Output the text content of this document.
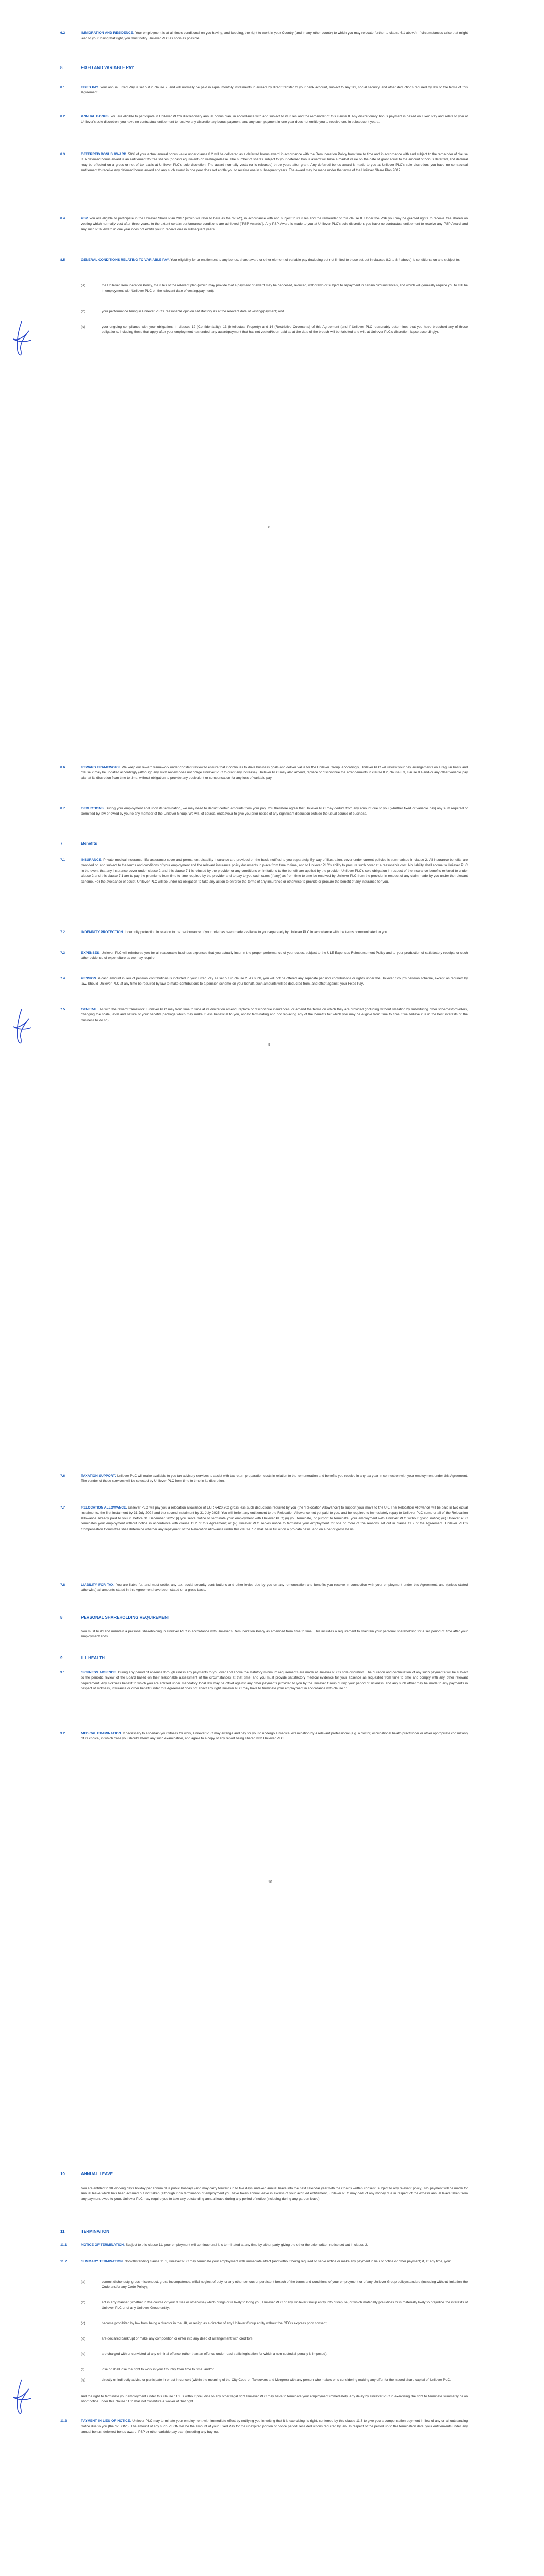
6.2	IMMIGRATION AND RESIDENCE. Your employment is at all times conditional on you having, and keeping, the right to work in your Country (and in any other country to which you may relocate further to clause 6.1 above). If circumstances arise that might lead to your losing that right, you must notify Unilever PLC as soon as possible.
8	FIXED AND VARIABLE PAY
8.1	FIXED PAY. Your annual Fixed Pay is set out in clause 2, and will normally be paid in equal monthly instalments in arrears by direct transfer to your bank account, subject to any tax, social security, and other deductions required by law or the terms of this Agreement.
8.2	ANNUAL BONUS. You are eligible to participate in Unilever PLC's discretionary annual bonus plan, in accordance with and subject to its rules and the remainder of this clause 8. Any discretionary bonus payment is based on Fixed Pay and relate to you at Unilever's sole discretion; you have no contractual entitlement to receive any discretionary bonus payment, and any such payment in one year does not entitle you to receive one in subsequent years.
8.3	DEFERRED BONUS AWARD. 50% of your actual annual bonus value under clause 8.2 will be delivered as a deferred bonus award in accordance with the Remuneration Policy from time to time and in accordance with and subject to the remainder of clause 8. A deferred bonus award is an entitlement to free shares (or cash equivalent) on vesting/release. The number of shares subject to your deferred bonus award will have a market value on the date of grant equal to the amount of bonus deferred, and deferral may be effected on a gross or net of tax basis at Unilever PLC's sole discretion. The award normally vests (or is released) three years after grant. Any deferred bonus award is made to you at Unilever PLC's sole discretion; you have no contractual entitlement to receive any deferred bonus award and any such award in one year does not entitle you to receive one in subsequent years. The award may be made under the terms of the Unilever Share Plan 2017.
8.4	PSP. You are eligible to participate in the Unilever Share Plan 2017 (which we refer to here as the "PSP"), in accordance with and subject to its rules and the remainder of this clause 8. Under the PSP you may be granted rights to receive free shares on vesting which normally vest after three years, to the extent certain performance conditions are achieved ("PSP Awards"). Any PSP Award is made to you at Unilever PLC's sole discretion; you have no contractual entitlement to receive any PSP Award and any such PSP Award in one year does not entitle you to receive one in subsequent years.
8.5	GENERAL CONDITIONS RELATING TO VARIABLE PAY. Your eligibility for or entitlement to any bonus, share award or other element of variable pay (including but not limited to those set out in clauses 8.2 to 8.4 above) is conditional on and subject to:
(a)	the Unilever Remuneration Policy, the rules of the relevant plan (which may provide that a payment or award may be cancelled, reduced, withdrawn or subject to repayment in certain circumstances, and which will generally require you to still be in employment with Unilever PLC on the relevant date of vesting/payment);
(b)	your performance being in Unilever PLC's reasonable opinion satisfactory as at the relevant date of vesting/payment; and
(c)	your ongoing compliance with your obligations in clauses 12 (Confidentiality), 13 (Intellectual Property) and 14 (Restrictive Covenants) of this Agreement (and if Unilever PLC reasonably determines that you have breached any of those obligations, including those that apply after your employment has ended, any award/payment that has not vested/been paid as at the date of the breach will be forfeited and will, at Unilever PLC's discretion, lapse accordingly).
8
8.6	REWARD FRAMEWORK. We keep our reward framework under constant review to ensure that it continues to drive business goals and deliver value for the Unilever Group. Accordingly, Unilever PLC will review your pay arrangements on a regular basis and clause 2 may be updated accordingly (although any such review does not oblige Unilever PLC to grant any increase). Unilever PLC may also amend, replace or discontinue the arrangements in clause 8.2, clause 8.3, clause 8.4 and/or any other variable pay plan at its discretion from time to time, without obligation to provide any equivalent or compensation for any loss of variable pay.
8.7	DEDUCTIONS. During your employment and upon its termination, we may need to deduct certain amounts from your pay. You therefore agree that Unilever PLC may deduct from any amount due to you (whether fixed or variable pay) any sum required or permitted by law or owed by you to any member of the Unilever Group. We will, of course, endeavour to give you prior notice of any significant deduction outside the usual course of business.
7	Benefits
7.1	INSURANCE. Private medical insurance, life assurance cover and permanent disability insurance are provided on the basis notified to you separately. By way of illustration, cover under current policies is summarised in clause 2. All insurance benefits are provided on and subject to the terms and conditions of your employment and the relevant insurance policy documents in place from time to time, and to Unilever PLC's ability to procure such cover at a reasonable cost. No liability shall accrue to Unilever PLC in the event that any insurance cover under clause 2 and this clause 7.1 is refused by the provider or any conditions or limitations to the benefit are applied by the provider. Unilever PLC's sole obligation in respect of the insurance benefits referred to under clause 2 and this clause 7.1 are to pay the premiums from time to time required by the provider and to pay to you such sums (if any) as from time to time be received by Unilever PLC from the provider in respect of any claim made by you under the relevant scheme. For the avoidance of doubt, Unilever PLC will be under no obligation to take any action to enforce the terms of any insurance or otherwise to provide or procure the benefit of any insurance for you.
7.2	INDEMNITY PROTECTION. Indemnity protection in relation to the performance of your role has been made available to you separately by Unilever PLC in accordance with the terms communicated to you.
7.3	EXPENSES. Unilever PLC will reimburse you for all reasonable business expenses that you actually incur in the proper performance of your duties, subject to the ULE Expenses Reimbursement Policy and to your production of satisfactory receipts or such other evidence of expenditure as we may require.
7.4	PENSION. A cash amount in lieu of pension contributions is included in your Fixed Pay as set out in clause 2. As such, you will not be offered any separate pension contributions or rights under the Unilever Group's pension scheme, except as required by law. Should Unilever PLC at any time be required by law to make contributions to a pension scheme on your behalf, such amounts will be deducted from, and offset against, your Fixed Pay.
7.5	GENERAL. As with the reward framework, Unilever PLC may from time to time at its discretion amend, replace or discontinue insurances, or amend the terms on which they are provided (including without limitation by substituting other schemes/providers, changing the scale, level and nature of your benefits package which may make it less beneficial to you, and/or terminating and not replacing any of the benefits for which you may be eligible from time to time if we believe it is in the best interests of the business to do so).
9
7.6	TAXATION SUPPORT. Unilever PLC will make available to you tax advisory services to assist with tax return preparation costs in relation to the remuneration and benefits you receive in any tax year in connection with your employment under this Agreement. The vendor of these services will be selected by Unilever PLC from time to time in its discretion.
7.7	RELOCATION ALLOWANCE. Unilever PLC will pay you a relocation allowance of EUR €420,702 gross less such deductions required by you (the "Relocation Allowance") to support your move to the UK. The Relocation Allowance will be paid in two equal instalments, the first instalment by 31 July 2024 and the second instalment by 31 July 2025. You will forfeit any entitlement to the Relocation Allowance not yet paid to you, and be required to immediately repay to Unilever PLC some or all of the Relocation Allowance already paid to you if, before 31 December 2025: (i) you serve notice to terminate your employment with Unilever PLC; (ii) you terminate, or purport to terminate, your employment with Unilever PLC without giving notice; (iii) Unilever PLC terminates your employment without notice in accordance with clause 11.2 of this Agreement; or (iv) Unilever PLC serves notice to terminate your employment for one or more of the reasons set out in clause 11.2 of the Agreement. Unilever PLC's Compensation Committee shall determine whether any repayment of the Relocation Allowance under this clause 7.7 shall be in full or on a pro-rata basis, and on a net or gross basis.
7.8	LIABILITY FOR TAX. You are liable for, and must settle, any tax, social security contributions and other levies due by you on any remuneration and benefits you receive in connection with your employment under this Agreement, and (unless stated otherwise) all amounts stated in this Agreement have been stated on a gross basis.
8	PERSONAL SHAREHOLDING REQUIREMENT
You must build and maintain a personal shareholding in Unilever PLC in accordance with Unilever's Remuneration Policy as amended from time to time. This includes a requirement to maintain your personal shareholding for a set period of time after your employment ends.
9	ILL HEALTH
9.1	SICKNESS ABSENCE. During any period of absence through illness any payments to you over and above the statutory minimum requirements are made at Unilever PLC's sole discretion. The duration and continuation of any such payments will be subject to the periodic review of the Board based on their reasonable assessment of the circumstances at that time, and you must provide satisfactory medical evidence for your absence as requested from time to time and comply with any other relevant requirement. Any sickness benefit to which you are entitled under mandatory local law may be offset against any other payments provided to you by the Unilever Group during your period of sickness, and any such offset may be made to any payments in respect of sickness, insurance or other benefit under this Agreement does not affect any right Unilever PLC may have to terminate your employment in accordance with clause 11.
9.2	MEDICAL EXAMINATION. If necessary to ascertain your fitness for work, Unilever PLC may arrange and pay for you to undergo a medical examination by a relevant professional (e.g. a doctor, occupational health practitioner or other appropriate consultant) of its choice, in which case you should attend any such examination, and agree to a copy of any report being shared with Unilever PLC.
10
10	ANNUAL LEAVE
You are entitled to 30 working days holiday per annum plus public holidays (and may carry forward up to five days' untaken annual leave into the next calendar year with the Chair's written consent, subject to any relevant policy). No payment will be made for annual leave which has been accrued but not taken (although if on termination of employment you have taken annual leave in excess of your accrued entitlement, Unilever PLC may deduct any money due in respect of the excess annual leave taken from any payment owed to you). Unilever PLC may require you to take any outstanding annual leave during any period of notice (including during any garden leave).
11	TERMINATION
11.1	NOTICE OF TERMINATION. Subject to this clause 11, your employment will continue until it is terminated at any time by either party giving the other the prior written notice set out in clause 2.
11.2	SUMMARY TERMINATION. Notwithstanding clause 11.1, Unilever PLC may terminate your employment with immediate effect (and without being required to serve notice or make any payment in lieu of notice or other payment) if, at any time, you:
(a)	commit dishonesty, gross misconduct, gross incompetence, wilful neglect of duty, or any other serious or persistent breach of the terms and conditions of your employment or of any Unilever Group policy/standard (including without limitation the Code and/or any Code Policy);
(b)	act in any manner (whether in the course of your duties or otherwise) which brings or is likely to bring you, Unilever PLC or any Unilever Group entity into disrepute, or which materially prejudices or is materially likely to prejudice the interests of Unilever PLC or of any Unilever Group entity;
(c)	become prohibited by law from being a director in the UK, or resign as a director of any Unilever Group entity without the CEO's express prior consent;
(d)	are declared bankrupt or make any composition or enter into any deed of arrangement with creditors;
(e)	are charged with or convicted of any criminal offence (other than an offence under road traffic legislation for which a non-custodial penalty is imposed);
(f)	lose or shall lose the right to work in your Country from time to time; and/or
(g)	directly or indirectly advise or participate in or act in concert (within the meaning of the City Code on Takeovers and Mergers) with any person who makes or is considering making any offer for the issued share capital of Unilever PLC,
and the right to terminate your employment under this clause 11.2 is without prejudice to any other legal right Unilever PLC may have to terminate your employment immediately. Any delay by Unilever PLC in exercising the right to terminate summarily or on short notice under this clause 11.2 shall not constitute a waiver of that right.
11.3	PAYMENT IN LIEU OF NOTICE. Unilever PLC may terminate your employment with immediate effect by notifying you in writing that it is exercising its right, conferred by this clause 11.3 to give you a compensation payment in lieu of any or all outstanding notice due to you (the "PILON"). The amount of any such PILON will be the amount of your Fixed Pay for the unexpired portion of notice period, less deductions required by law. In respect of the period up to the termination date, your entitlements under any annual bonus, deferred bonus award, PSP or other variable pay plan (including any buy-out
